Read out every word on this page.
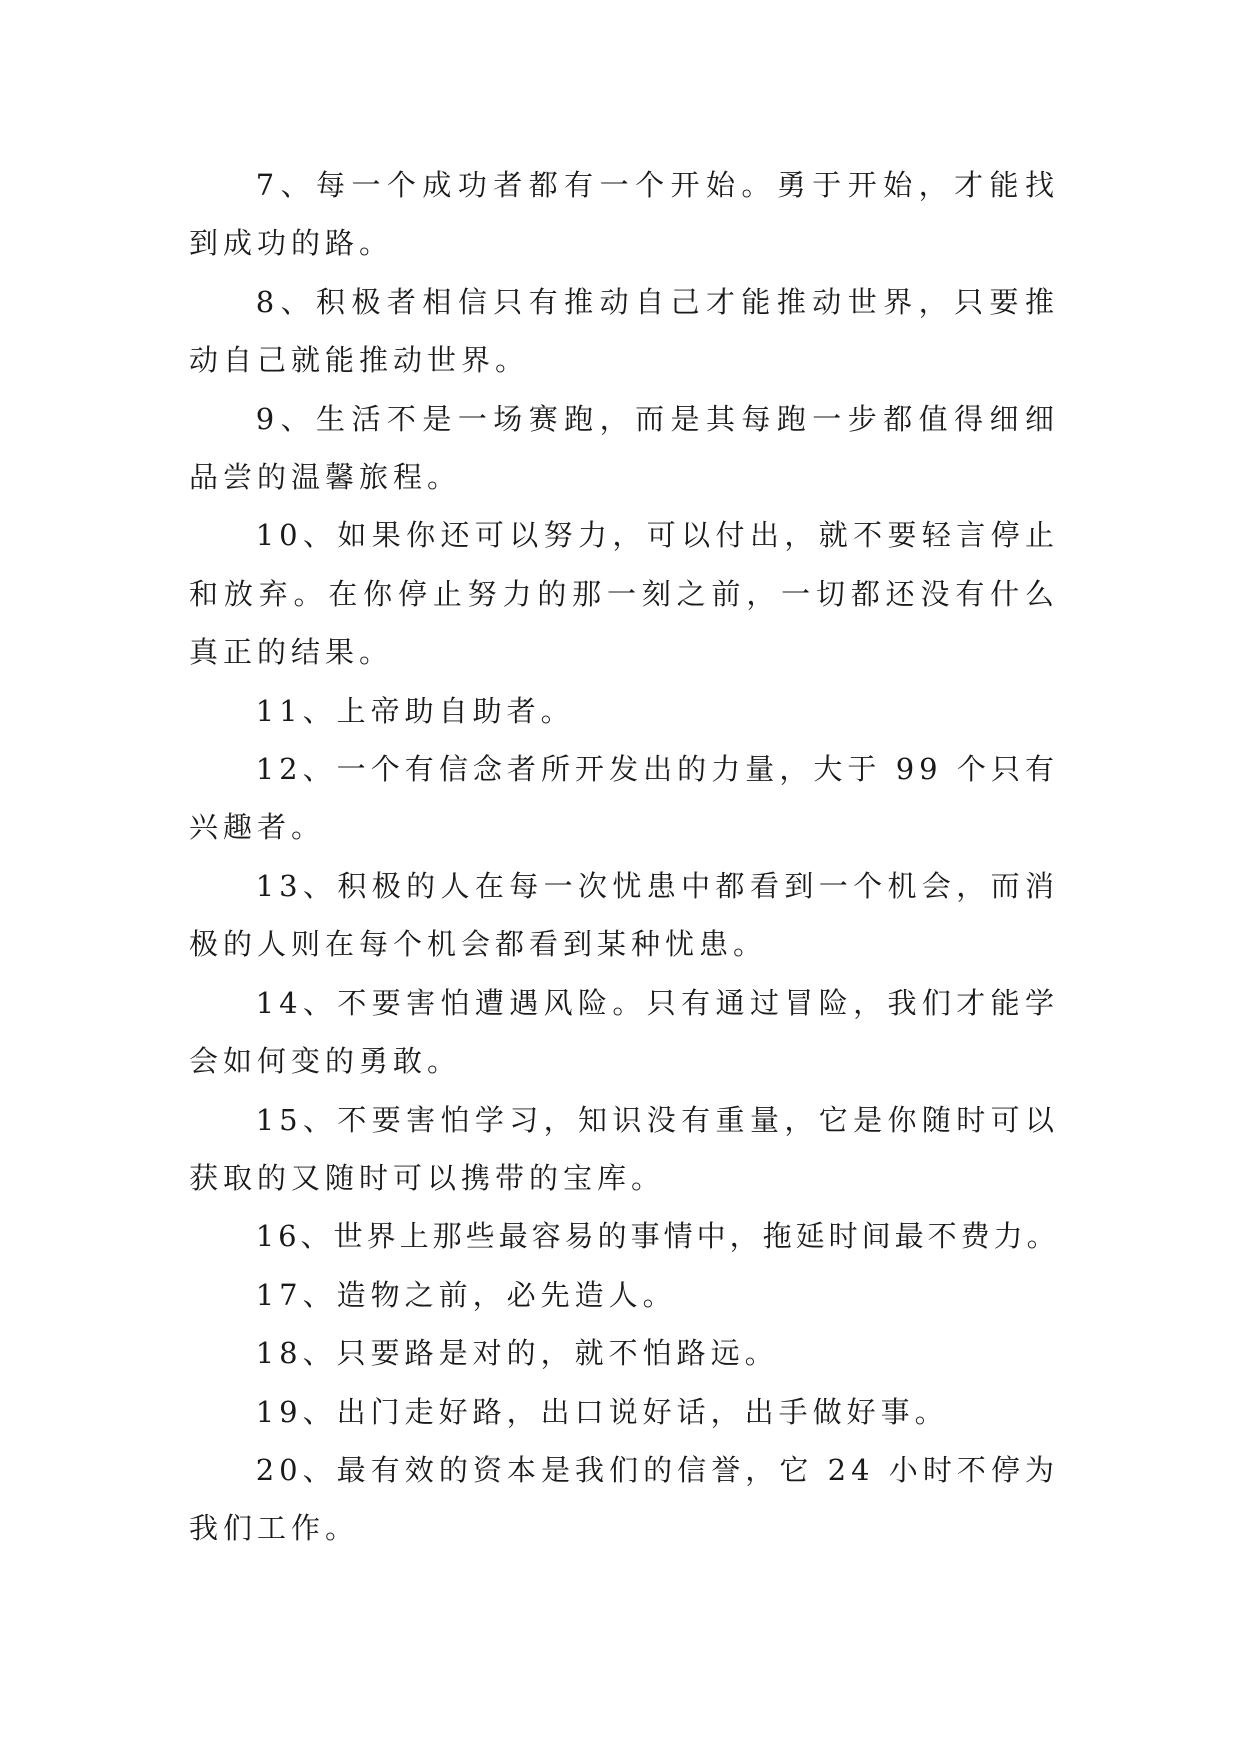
7、每一个成功者都有一个开始。勇于开始，才能找到成功的路。

8、积极者相信只有推动自己才能推动世界，只要推动自己就能推动世界。

9、生活不是一场赛跑，而是其每跑一步都值得细细品尝的温馨旅程。

10、如果你还可以努力，可以付出，就不要轻言停止和放弃。在你停止努力的那一刻之前，一切都还没有什么真正的结果。

11、上帝助自助者。

12、一个有信念者所开发出的力量，大于 99 个只有兴趣者。

13、积极的人在每一次忧患中都看到一个机会，而消极的人则在每个机会都看到某种忧患。

14、不要害怕遭遇风险。只有通过冒险，我们才能学会如何变的勇敢。

15、不要害怕学习，知识没有重量，它是你随时可以获取的又随时可以携带的宝库。

16、世界上那些最容易的事情中，拖延时间最不费力。

17、造物之前，必先造人。

18、只要路是对的，就不怕路远。

19、出门走好路，出口说好话，出手做好事。

20、最有效的资本是我们的信誉，它 24 小时不停为我们工作。
